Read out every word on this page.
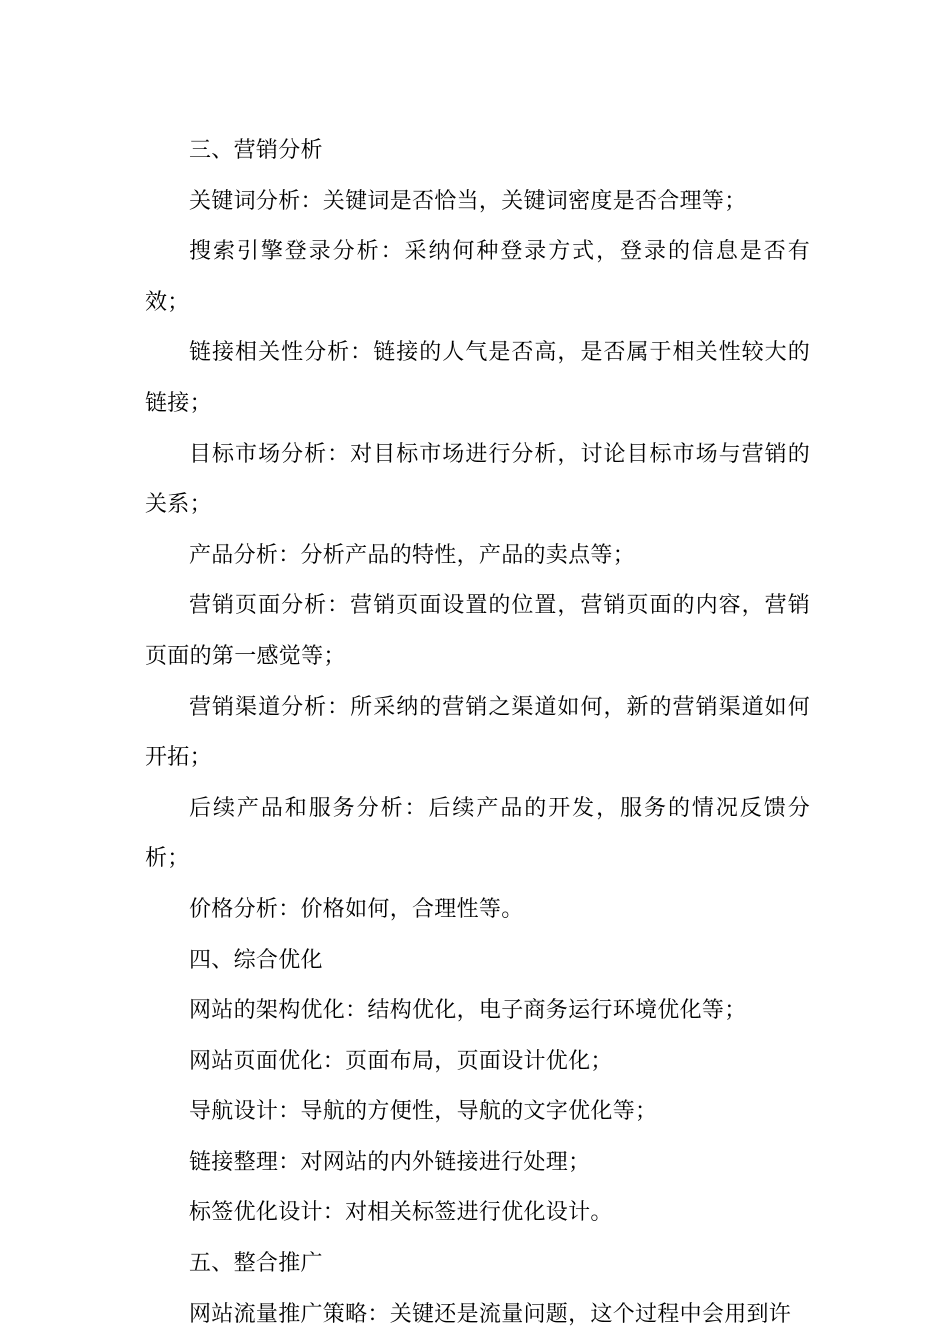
三、营销分析

关键词分析：关键词是否恰当，关键词密度是否合理等；

搜索引擎登录分析：采纳何种登录方式，登录的信息是否有效；

链接相关性分析：链接的人气是否高，是否属于相关性较大的链接；

目标市场分析：对目标市场进行分析，讨论目标市场与营销的关系；

产品分析：分析产品的特性，产品的卖点等；

营销页面分析：营销页面设置的位置，营销页面的内容，营销页面的第一感觉等；

营销渠道分析：所采纳的营销之渠道如何，新的营销渠道如何开拓；

后续产品和服务分析：后续产品的开发，服务的情况反馈分析；

价格分析：价格如何，合理性等。

四、综合优化

网站的架构优化：结构优化，电子商务运行环境优化等；

网站页面优化：页面布局，页面设计优化；

导航设计：导航的方便性，导航的文字优化等；

链接整理：对网站的内外链接进行处理；

标签优化设计：对相关标签进行优化设计。

五、整合推广

网站流量推广策略：关键还是流量问题，这个过程中会用到许
